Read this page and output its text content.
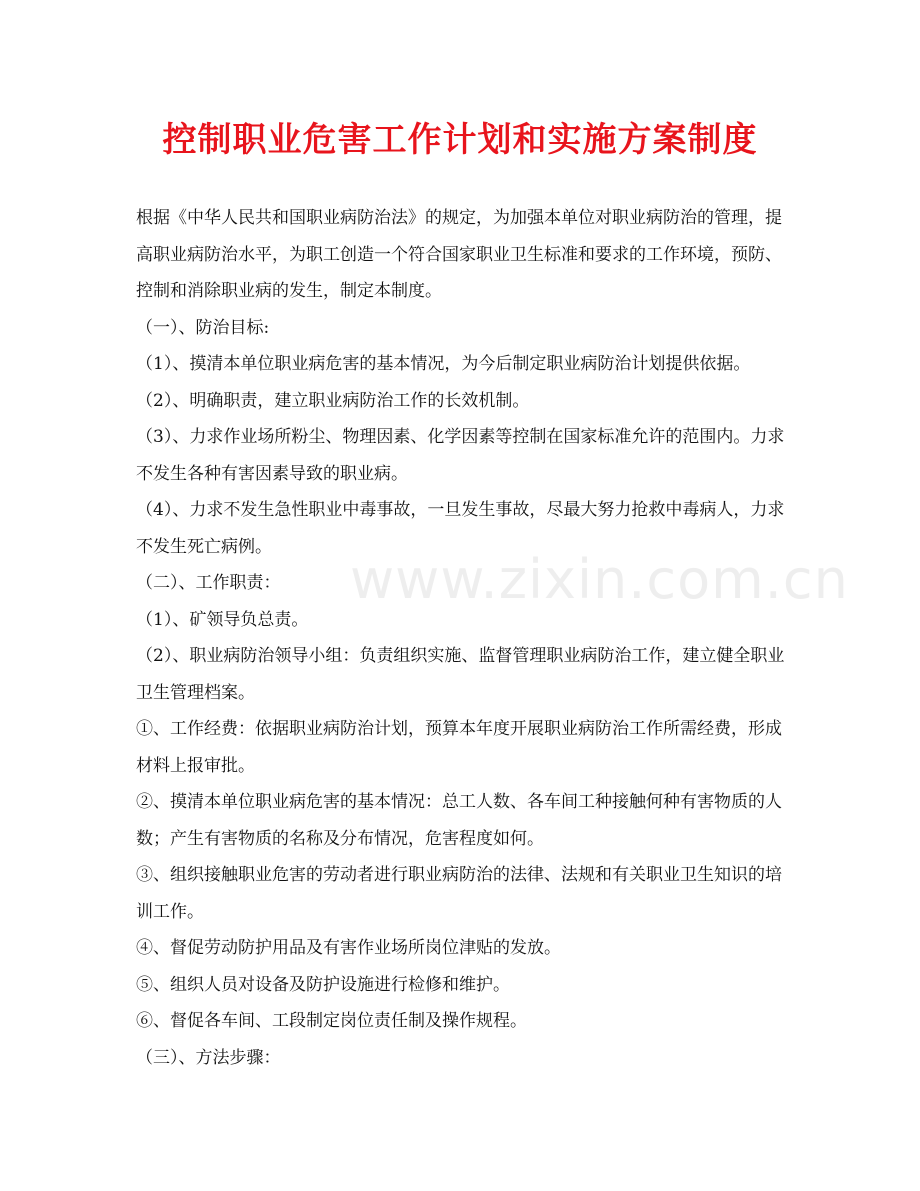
控制职业危害工作计划和实施方案制度
www.zixin.com.cn

根据《中华人民共和国职业病防治法》的规定，为加强本单位对职业病防治的管理，提高职业病防治水平，为职工创造一个符合国家职业卫生标准和要求的工作环境，预防、控制和消除职业病的发生，制定本制度。

（一）、防治目标:

（1）、摸清本单位职业病危害的基本情况，为今后制定职业病防治计划提供依据。

（2）、明确职责，建立职业病防治工作的长效机制。

（3）、力求作业场所粉尘、物理因素、化学因素等控制在国家标准允许的范围内。力求不发生各种有害因素导致的职业病。

（4）、力求不发生急性职业中毒事故，一旦发生事故，尽最大努力抢救中毒病人，力求不发生死亡病例。

（二）、工作职责：

（1）、矿领导负总责。

（2）、职业病防治领导小组：负责组织实施、监督管理职业病防治工作，建立健全职业卫生管理档案。

①、工作经费：依据职业病防治计划，预算本年度开展职业病防治工作所需经费，形成材料上报审批。

②、摸清本单位职业病危害的基本情况：总工人数、各车间工种接触何种有害物质的人数；产生有害物质的名称及分布情况，危害程度如何。

③、组织接触职业危害的劳动者进行职业病防治的法律、法规和有关职业卫生知识的培训工作。

④、督促劳动防护用品及有害作业场所岗位津贴的发放。

⑤、组织人员对设备及防护设施进行检修和维护。

⑥、督促各车间、工段制定岗位责任制及操作规程。

（三）、方法步骤：
